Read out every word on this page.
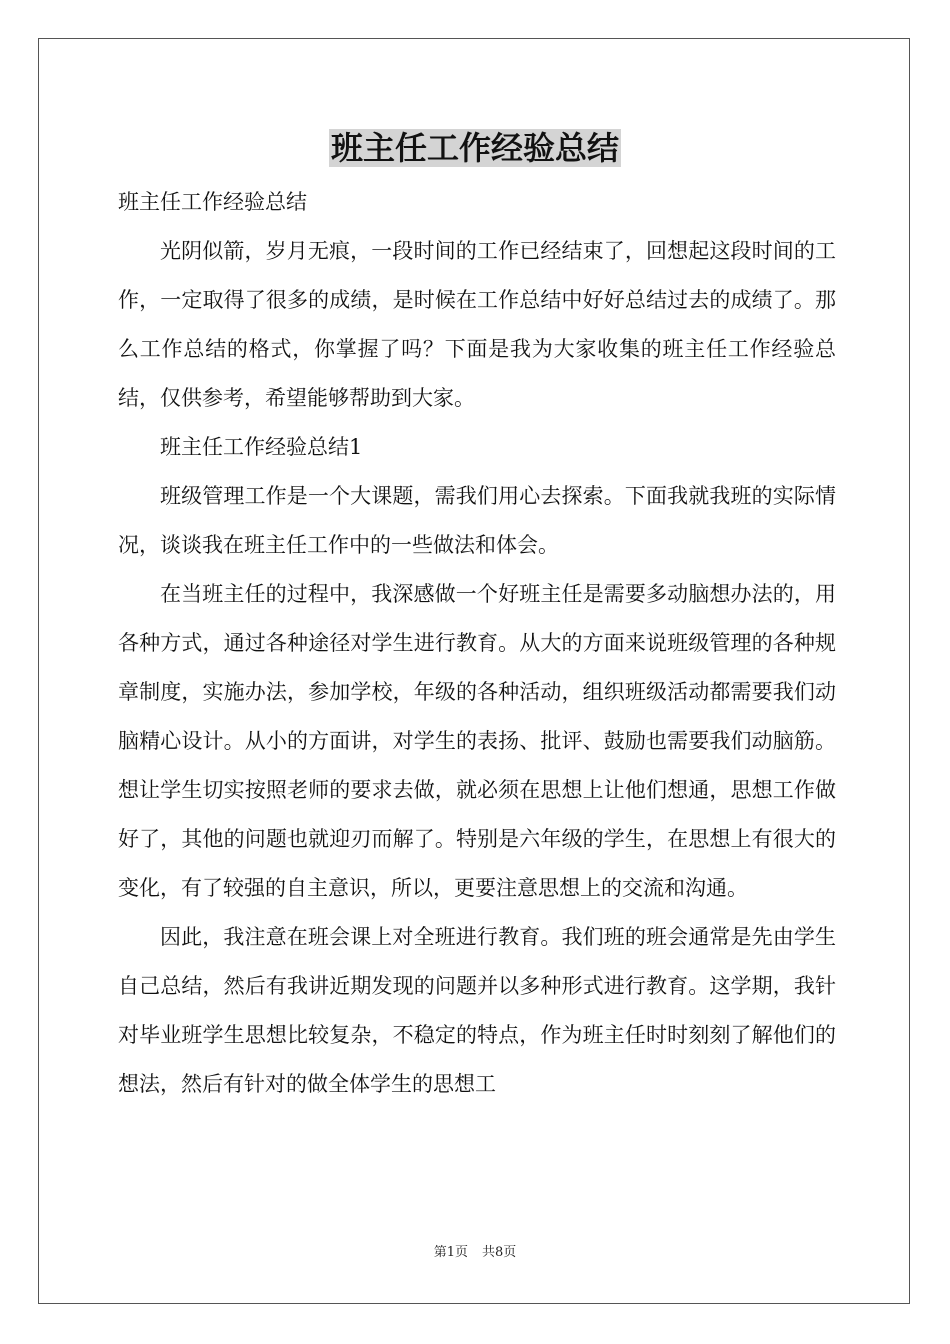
班主任工作经验总结

班主任工作经验总结

光阴似箭，岁月无痕，一段时间的工作已经结束了，回想起这段时间的工作，一定取得了很多的成绩，是时候在工作总结中好好总结过去的成绩了。那么工作总结的格式，你掌握了吗？下面是我为大家收集的班主任工作经验总结，仅供参考，希望能够帮助到大家。

班主任工作经验总结1

班级管理工作是一个大课题，需我们用心去探索。下面我就我班的实际情况，谈谈我在班主任工作中的一些做法和体会。

在当班主任的过程中，我深感做一个好班主任是需要多动脑想办法的，用各种方式，通过各种途径对学生进行教育。从大的方面来说班级管理的各种规章制度，实施办法，参加学校，年级的各种活动，组织班级活动都需要我们动脑精心设计。从小的方面讲，对学生的表扬、批评、鼓励也需要我们动脑筋。想让学生切实按照老师的要求去做，就必须在思想上让他们想通，思想工作做好了，其他的问题也就迎刃而解了。特别是六年级的学生，在思想上有很大的变化，有了较强的自主意识，所以，更要注意思想上的交流和沟通。

因此，我注意在班会课上对全班进行教育。我们班的班会通常是先由学生自己总结，然后有我讲近期发现的问题并以多种形式进行教育。这学期，我针对毕业班学生思想比较复杂，不稳定的特点，作为班主任时时刻刻了解他们的想法，然后有针对的做全体学生的思想工

第1页 共8页
